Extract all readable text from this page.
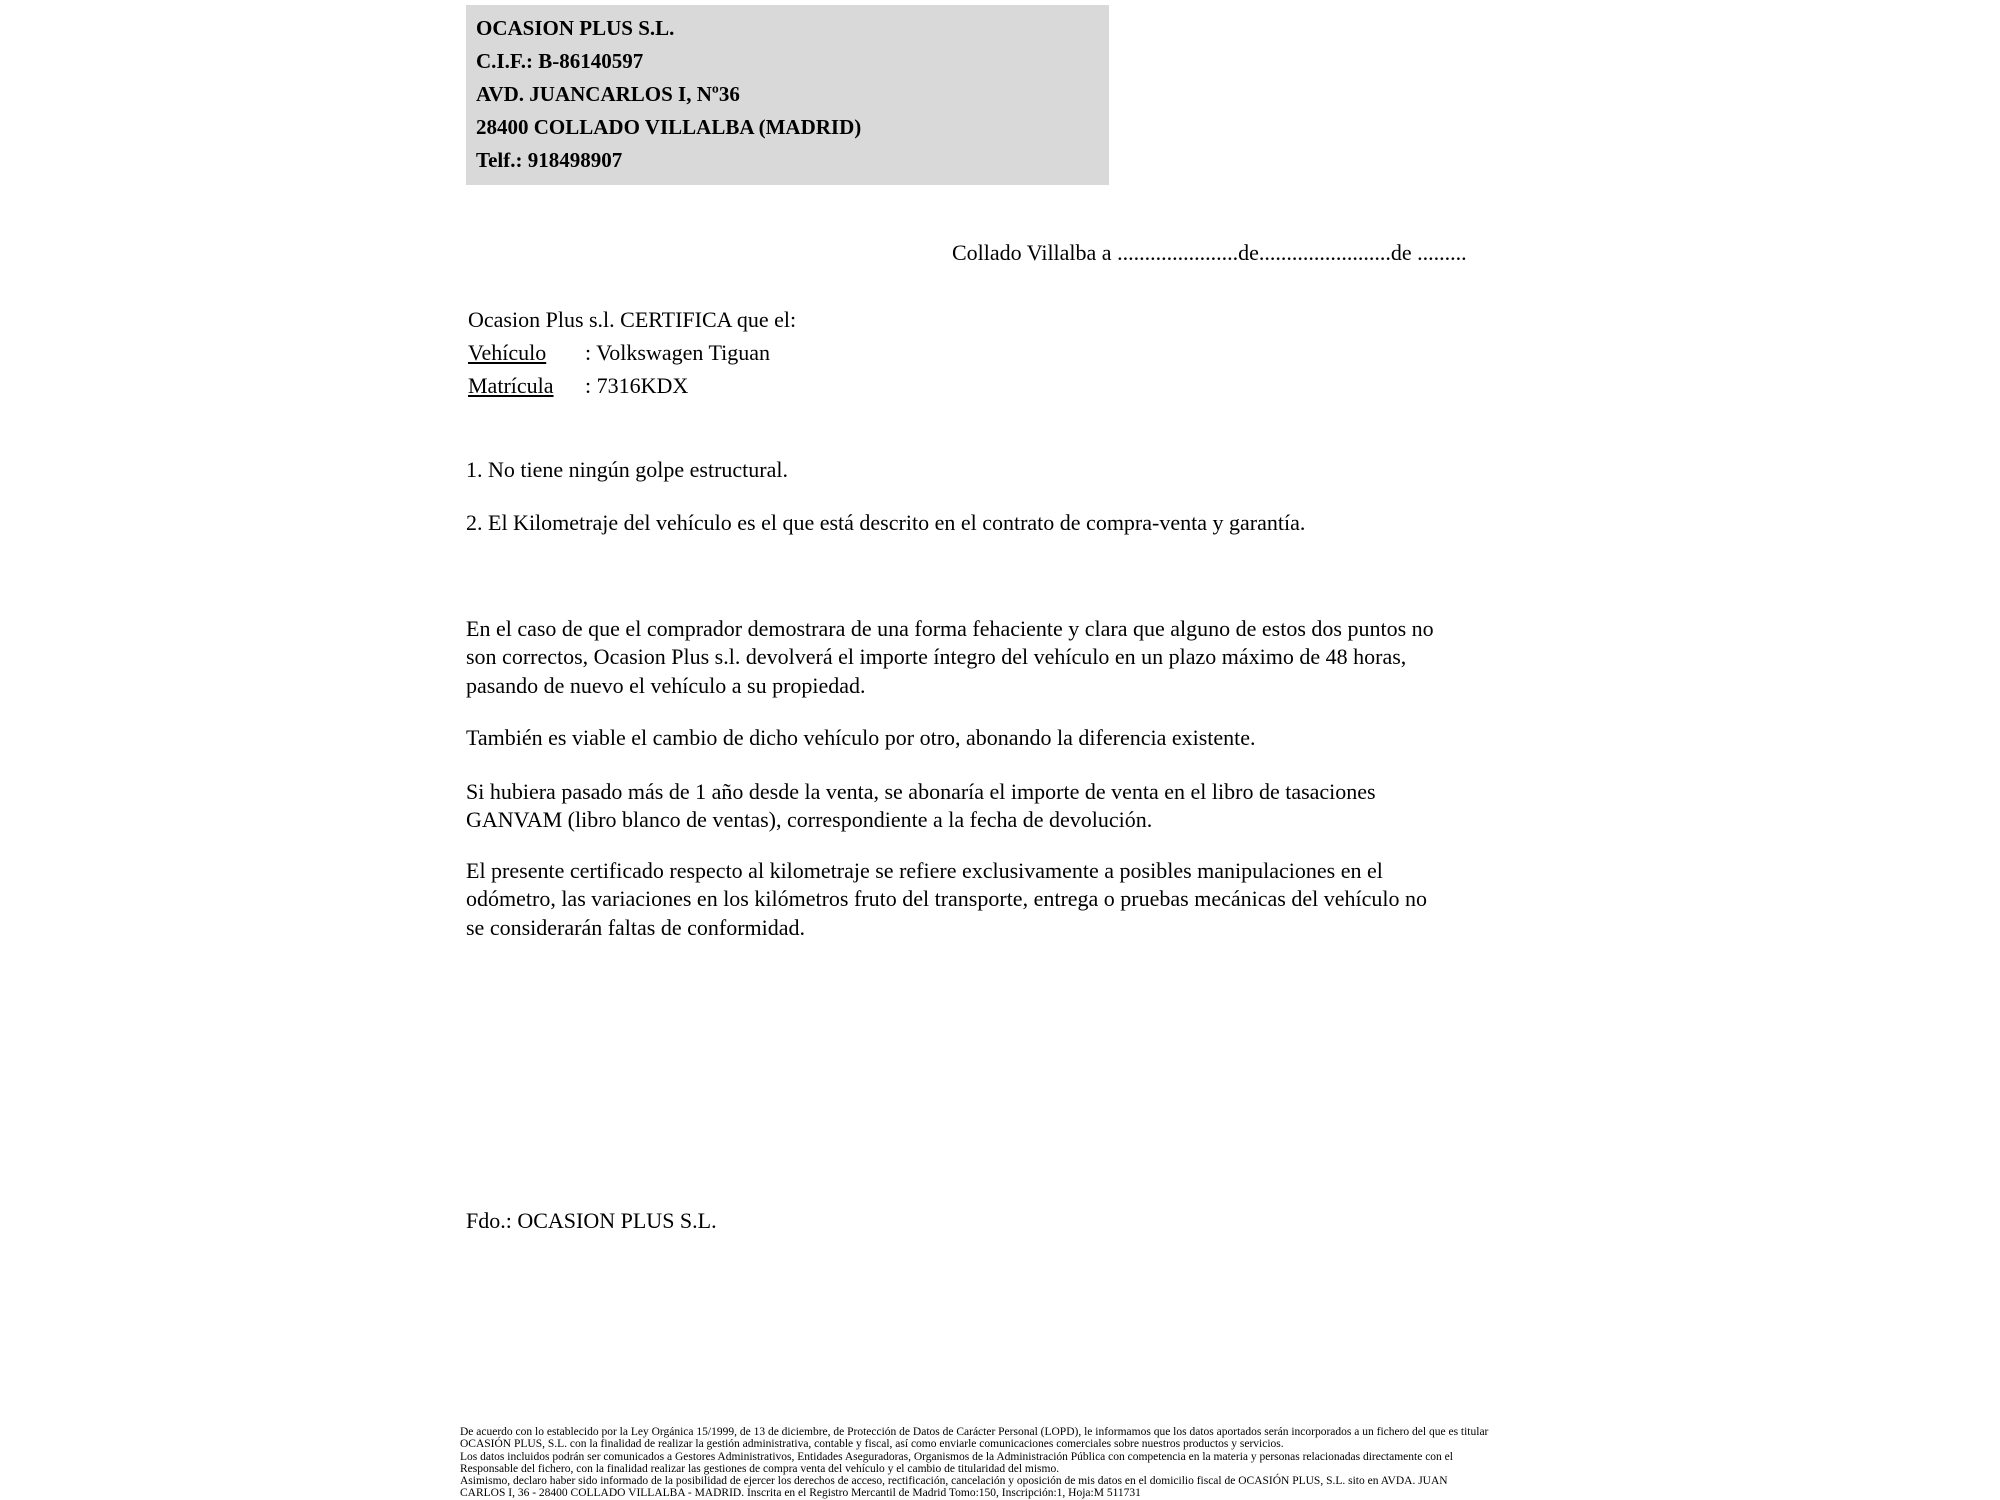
OCASION PLUS S.L.
C.I.F.: B-86140597
AVD. JUANCARLOS I, Nº36
28400 COLLADO VILLALBA (MADRID)
Telf.: 918498907
Collado Villalba a ......................de........................de .........
Ocasion Plus s.l. CERTIFICA que el:
Vehículo : Volkswagen Tiguan
Matrícula : 7316KDX
1. No tiene ningún golpe estructural.
2. El Kilometraje del vehículo es el que está descrito en el contrato de compra-venta y garantía.
En el caso de que el comprador demostrara de una forma fehaciente y clara que alguno de estos dos puntos no
son correctos, Ocasion Plus s.l. devolverá el importe íntegro del vehículo en un plazo máximo de 48 horas,
pasando de nuevo el vehículo a su propiedad.
También es viable el cambio de dicho vehículo por otro, abonando la diferencia existente.
Si hubiera pasado más de 1 año desde la venta, se abonaría el importe de venta en el libro de tasaciones
GANVAM (libro blanco de ventas), correspondiente a la fecha de devolución.
El presente certificado respecto al kilometraje se refiere exclusivamente a posibles manipulaciones en el
odómetro, las variaciones en los kilómetros fruto del transporte, entrega o pruebas mecánicas del vehículo no
se considerarán faltas de conformidad.
Fdo.: OCASION PLUS S.L.
De acuerdo con lo establecido por la Ley Orgánica 15/1999, de 13 de diciembre, de Protección de Datos de Carácter Personal (LOPD), le informamos que los datos aportados serán incorporados a un fichero del que es titular
OCASIÓN PLUS, S.L. con la finalidad de realizar la gestión administrativa, contable y fiscal, así como enviarle comunicaciones comerciales sobre nuestros productos y servicios.
Los datos incluidos podrán ser comunicados a Gestores Administrativos, Entidades Aseguradoras, Organismos de la Administración Pública con competencia en la materia y personas relacionadas directamente con el
Responsable del fichero, con la finalidad realizar las gestiones de compra venta del vehículo y el cambio de titularidad del mismo.
Asimismo, declaro haber sido informado de la posibilidad de ejercer los derechos de acceso, rectificación, cancelación y oposición de mis datos en el domicilio fiscal de OCASIÓN PLUS, S.L. sito en AVDA. JUAN
CARLOS I, 36 - 28400 COLLADO VILLALBA - MADRID. Inscrita en el Registro Mercantil de Madrid Tomo:150, Inscripción:1, Hoja:M 511731
